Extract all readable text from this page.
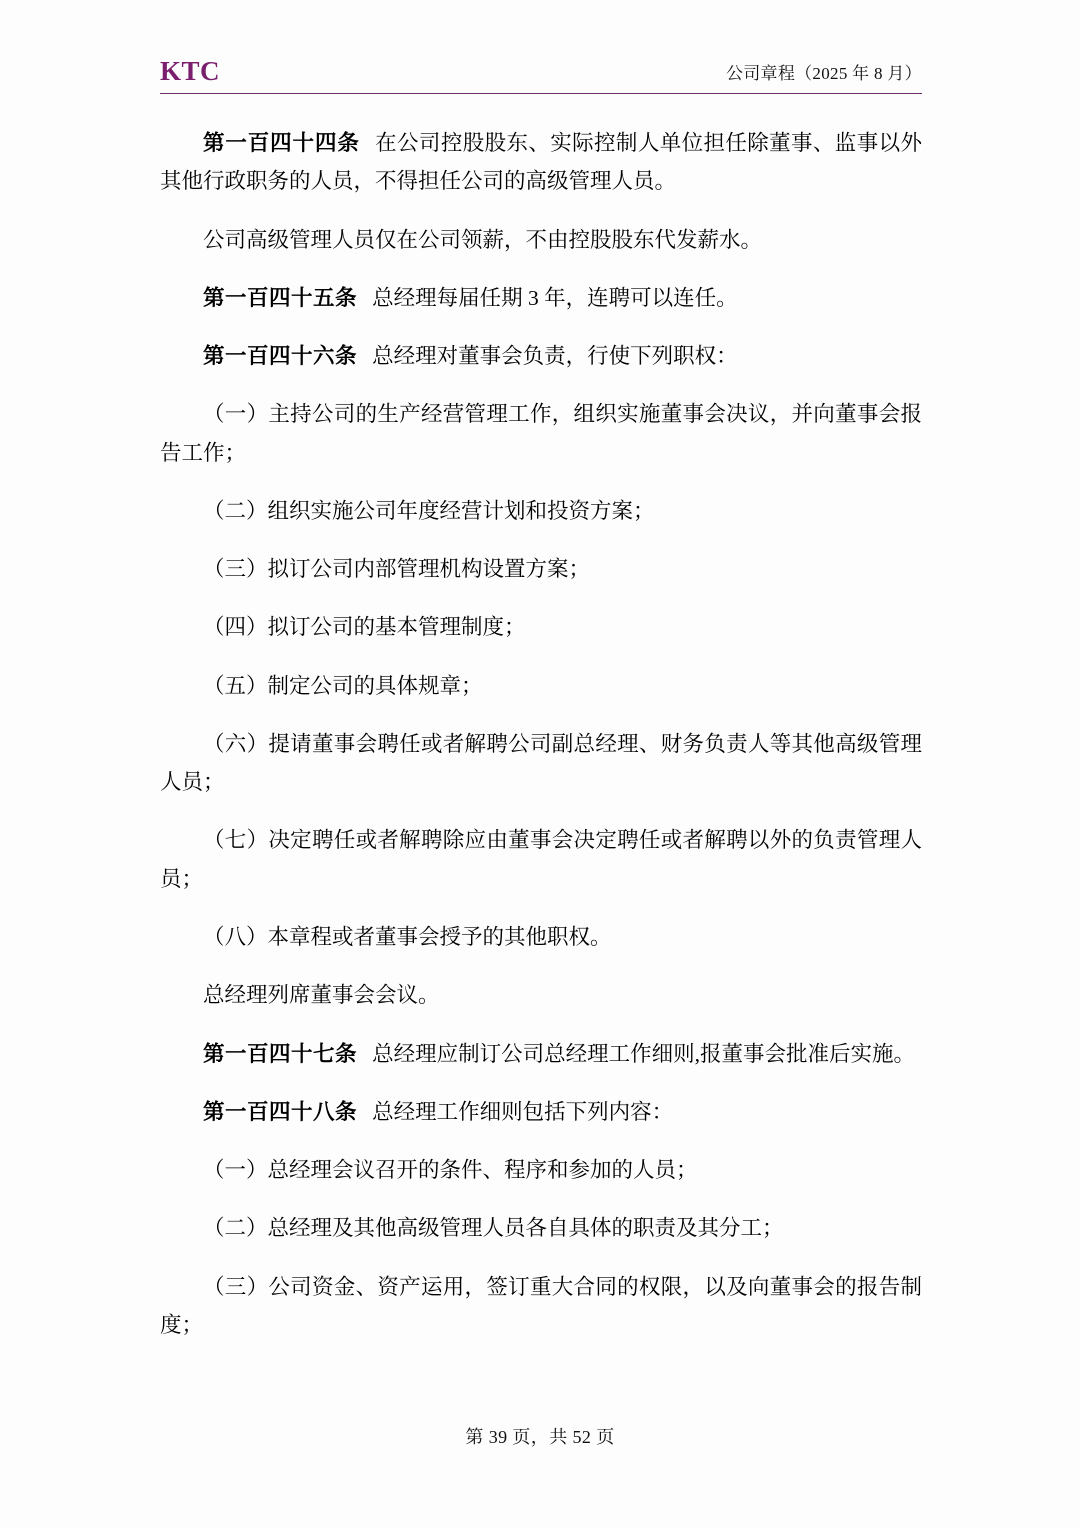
KTC	公司章程（2025 年 8 月）

第一百四十四条 在公司控股股东、实际控制人单位担任除董事、监事以外其他行政职务的人员，不得担任公司的高级管理人员。

公司高级管理人员仅在公司领薪，不由控股股东代发薪水。

第一百四十五条 总经理每届任期 3 年，连聘可以连任。

第一百四十六条 总经理对董事会负责，行使下列职权：

（一）主持公司的生产经营管理工作，组织实施董事会决议，并向董事会报告工作；

（二）组织实施公司年度经营计划和投资方案；

（三）拟订公司内部管理机构设置方案；

（四）拟订公司的基本管理制度；

（五）制定公司的具体规章；

（六）提请董事会聘任或者解聘公司副总经理、财务负责人等其他高级管理人员；

（七）决定聘任或者解聘除应由董事会决定聘任或者解聘以外的负责管理人员；

（八）本章程或者董事会授予的其他职权。

总经理列席董事会会议。

第一百四十七条 总经理应制订公司总经理工作细则,报董事会批准后实施。

第一百四十八条 总经理工作细则包括下列内容：

（一）总经理会议召开的条件、程序和参加的人员；

（二）总经理及其他高级管理人员各自具体的职责及其分工；

（三）公司资金、资产运用，签订重大合同的权限，以及向董事会的报告制度；

第 39 页，共 52 页
